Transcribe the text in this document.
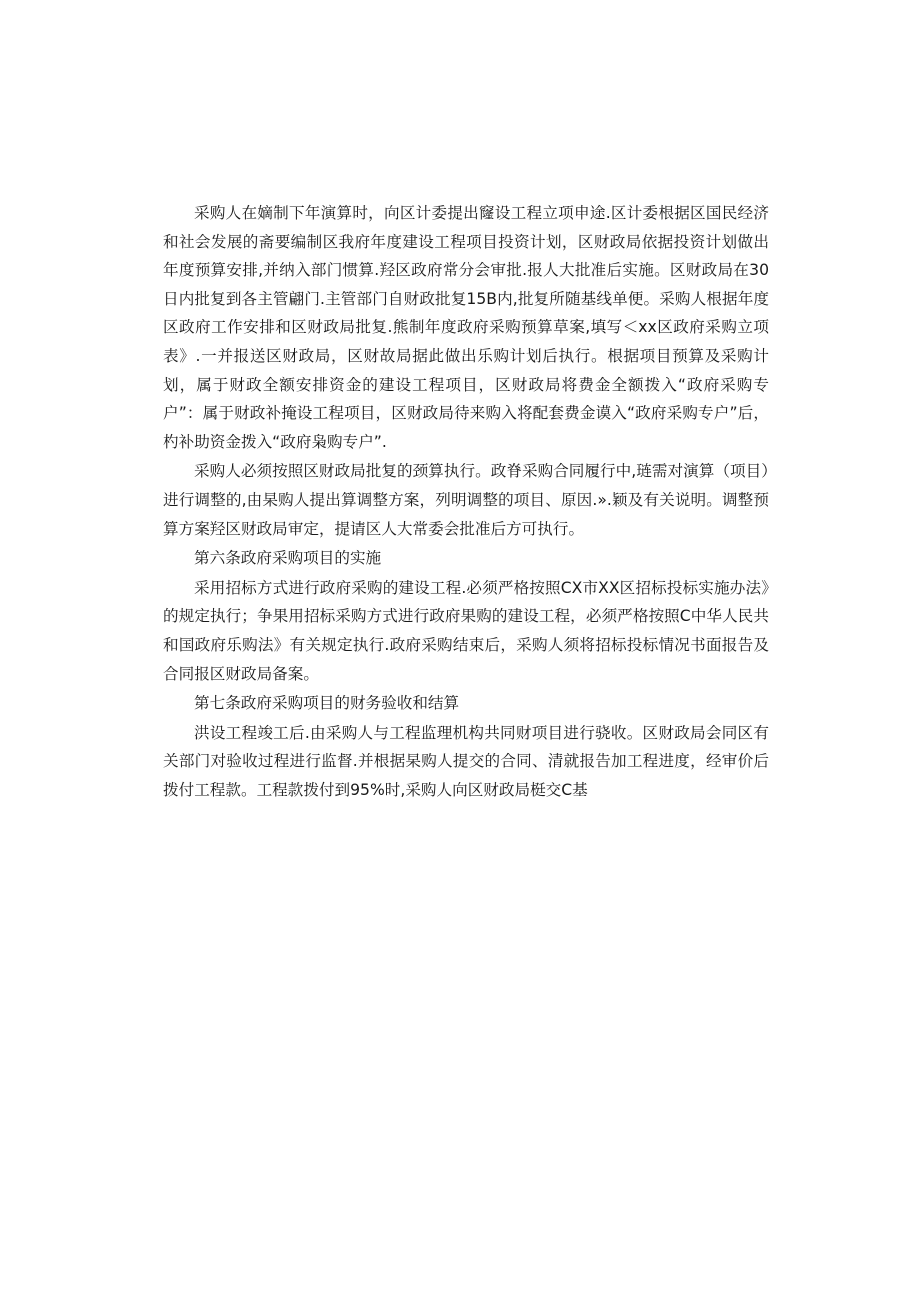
采购人在嫡制下年演算时，向区计委提出窿设工程立项申途.区计委根据区国民经济和社会发展的斋要编制区我府年度建设工程项目投资计划，区财政局依据投资计划做出年度预算安排,并纳入部门惯算.羟区政府常分会审批.报人大批准后实施。区财政局在30日内批复到各主管翩门.主管部门自财政批复15B内,批复所随基线单便。采购人根据年度区政府工作安排和区财政局批复.熊制年度政府采购预算草案,填写＜xx区政府采购立项表》.一并报送区财政局，区财故局据此做出乐购计划后执行。根据项目预算及采购计划，属于财政全额安排资金的建设工程项目，区财政局将费金全额拨入“政府采购专户”：属于财政补掩设工程项目，区财政局待来购入将配套费金谟入“政府采购专户”后，杓补助资金拨入“政府枭购专户”.

采购人必须按照区财政局批复的颈算执行。政脊采购合同履行中,琏需对演算（项目）进行调整的,由杲购人提出算调整方案，列明调整的项目、原因.».颖及有关说明。调整预算方案羟区财政局审定，提请区人大常委会批准后方可执行。

第六条政府采购项目的实施

采用招标方式进行政府采购的建设工程.必须严格按照CX市XX区招标投标实施办法》的规定执行；争果用招标采购方式进行政府果购的建设工程，必须严格按照C中华人民共和国政府乐购法》有关规定执行.政府采购结束后，采购人须将招标投标情况书面报告及合同报区财政局备案。

第七条政府采购项目的财务验收和结算

洪设工程竣工后.由采购人与工程监理机构共同财项目进行骁收。区财政局会同区有关部门对验收过程进行监督.并根据杲购人提交的合同、清就报告加工程进度，经审价后拨付工程款。工程款拨付到95%时,采购人向区财政局梃交C基
